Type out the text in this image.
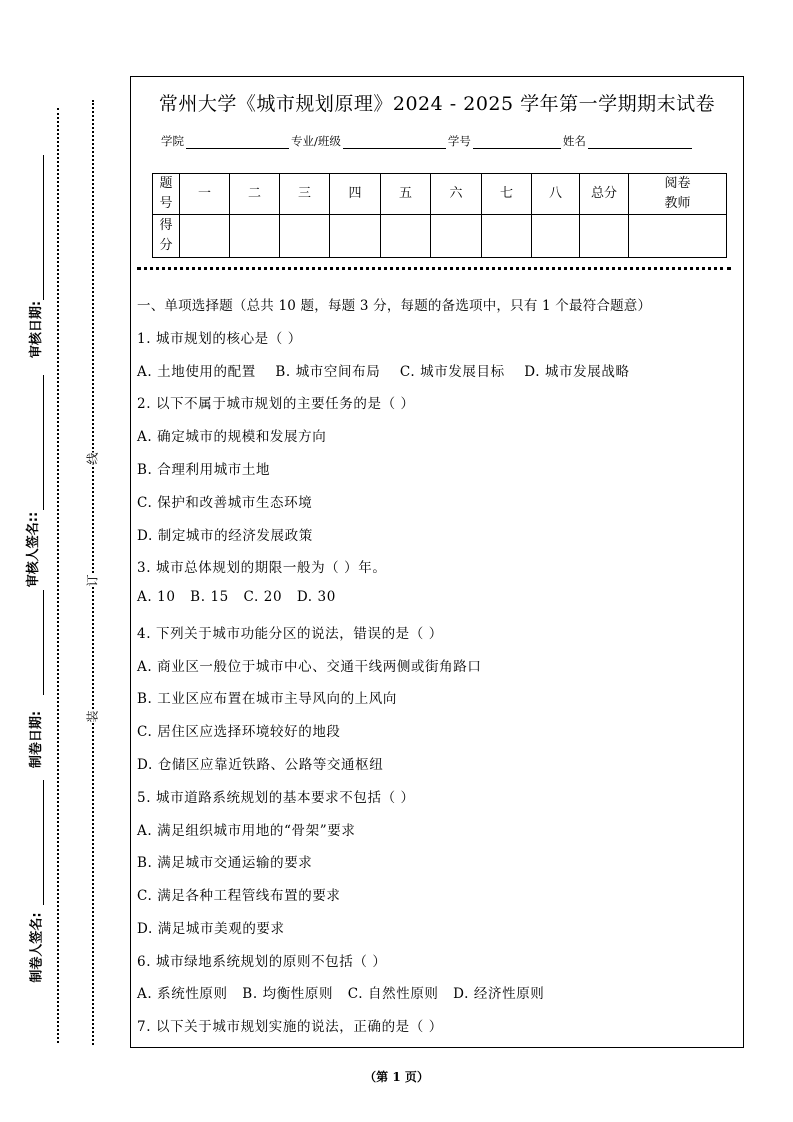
审核日期:
审核人签名::
制卷日期:
制卷人签名:
线
订
装
常州大学《城市规划原理》2024 - 2025 学年第一学期期末试卷
学院	专业/班级	学号	姓名
题号	一	二	三	四	五	六	七	八	总分	阅卷教师
得分										
一、单项选择题（总共 10 题，每题 3 分，每题的备选项中，只有 1 个最符合题意）
1. 城市规划的核心是（ ）
A. 土地使用的配置    B. 城市空间布局    C. 城市发展目标    D. 城市发展战略
2. 以下不属于城市规划的主要任务的是（ ）
A. 确定城市的规模和发展方向
B. 合理利用城市土地
C. 保护和改善城市生态环境
D. 制定城市的经济发展政策
3. 城市总体规划的期限一般为（ ）年。
A. 10   B. 15   C. 20   D. 30
4. 下列关于城市功能分区的说法，错误的是（ ）
A. 商业区一般位于城市中心、交通干线两侧或街角路口
B. 工业区应布置在城市主导风向的上风向
C. 居住区应选择环境较好的地段
D. 仓储区应靠近铁路、公路等交通枢纽
5. 城市道路系统规划的基本要求不包括（ ）
A. 满足组织城市用地的“骨架”要求
B. 满足城市交通运输的要求
C. 满足各种工程管线布置的要求
D. 满足城市美观的要求
6. 城市绿地系统规划的原则不包括（ ）
A. 系统性原则   B. 均衡性原则   C. 自然性原则   D. 经济性原则
7. 以下关于城市规划实施的说法，正确的是（ ）
（第 1 页）
